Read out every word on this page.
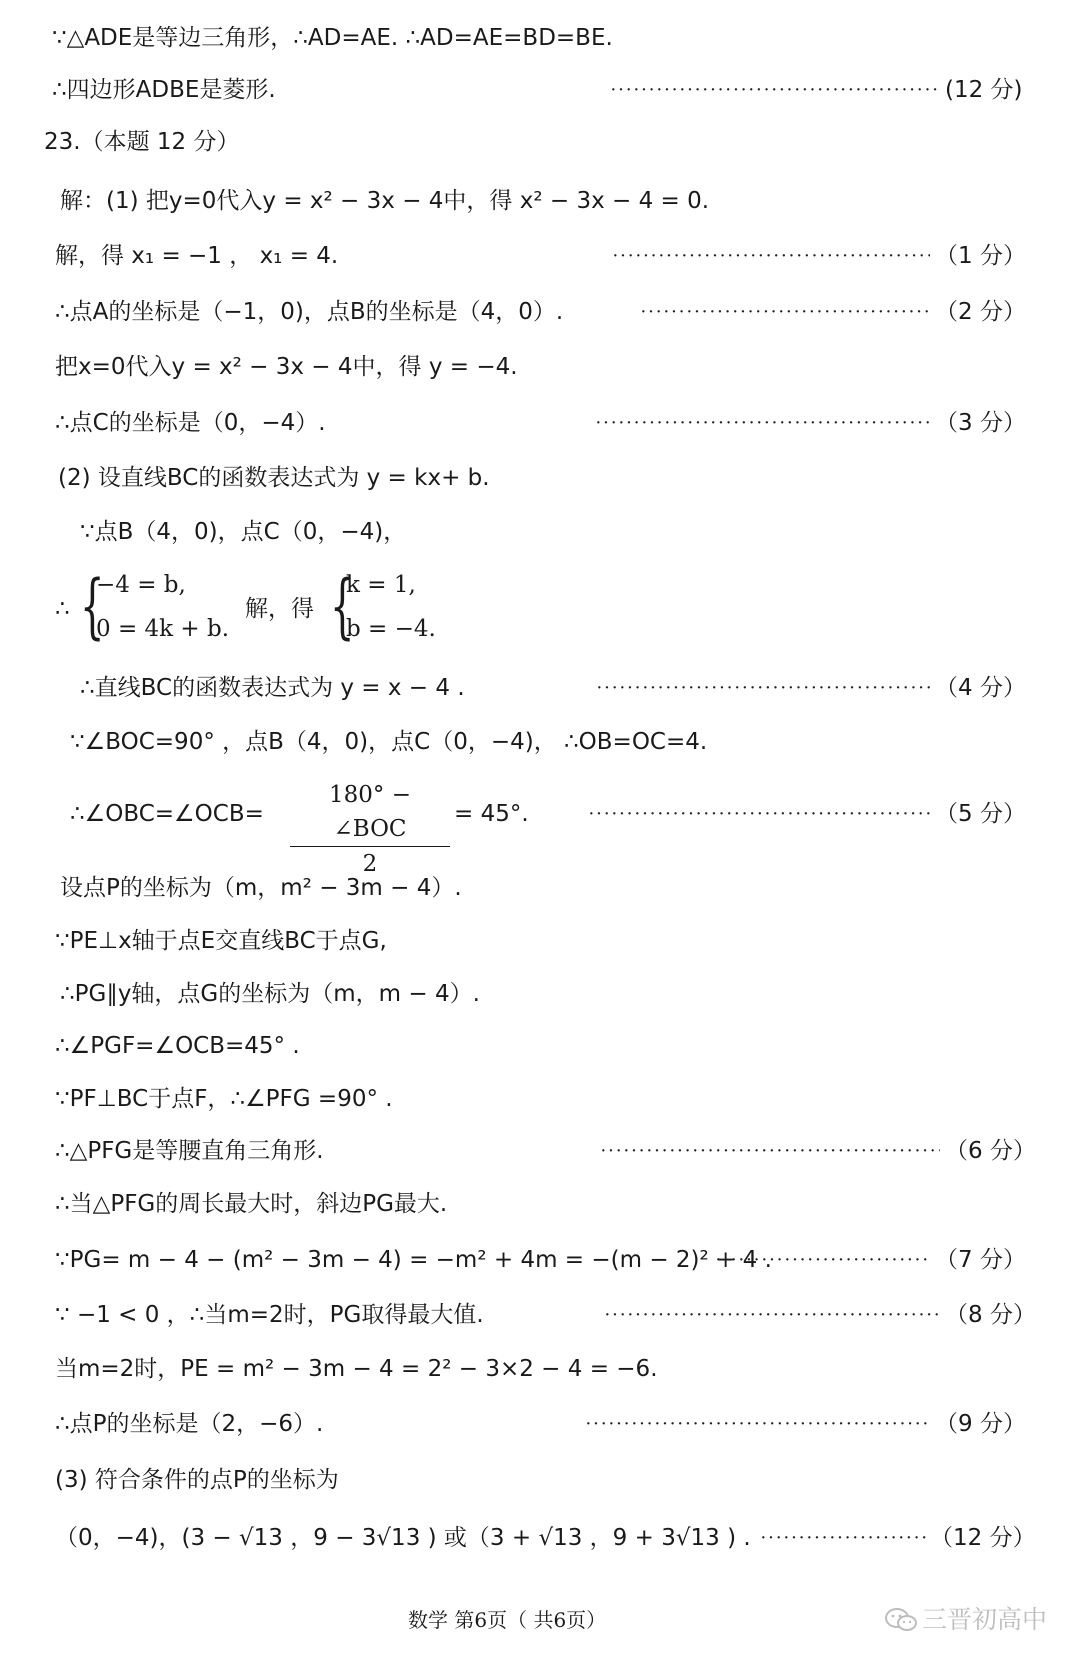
∵△ADE是等边三角形，∴AD=AE. ∴AD=AE=BD=BE.
∴四边形ADBE是菱形. ·····	(12 分)
23.（本题 12 分）
解：(1) 把y=0代入y = x² − 3x − 4中，得 x² − 3x − 4 = 0.
解，得 x₁ = −1 ， x₁ = 4. ·····	（1 分）
∴点A的坐标是（−1，0)，点B的坐标是（4，0）. ·····	（2 分）
把x=0代入y = x² − 3x − 4中，得 y = −4.
∴点C的坐标是（0，−4）. ·····	（3 分）
(2) 设直线BC的函数表达式为 y = kx+ b.
∵点B（4，0)，点C（0，−4)，
∴ {
−4 = b,
0 = 4k + b.
解，得 {
k = 1,
b = −4.
∴直线BC的函数表达式为 y = x − 4 . ·····	（4 分）
∵∠BOC=90° ，点B（4，0)，点C（0，−4)， ∴OB=OC=4.
∴∠OBC=∠OCB=
180° − ∠BOC
2
= 45°. ·····	（5 分）
设点P的坐标为（m，m² − 3m − 4）.
∵PE⊥x轴于点E交直线BC于点G,
∴PG∥y轴，点G的坐标为（m，m − 4）.
∴∠PGF=∠OCB=45° .
∵PF⊥BC于点F，∴∠PFG =90° .
∴△PFG是等腰直角三角形. ·····	（6 分）
∴当△PFG的周长最大时，斜边PG最大.
∵PG= m − 4 − (m² − 3m − 4) = −m² + 4m = −(m − 2)² + 4 . ·····	（7 分）
∵ −1 < 0 ，∴当m=2时，PG取得最大值. ·····	（8 分）
当m=2时，PE = m² − 3m − 4 = 2² − 3×2 − 4 = −6.
∴点P的坐标是（2，−6）. ·····	（9 分）
(3) 符合条件的点P的坐标为
（0，−4)，(3 − √13 ，9 − 3√13 ) 或（3 + √13 ，9 + 3√13 ) . ·····	（12 分）
数学 第6页（ 共6页）	三晋初高中
